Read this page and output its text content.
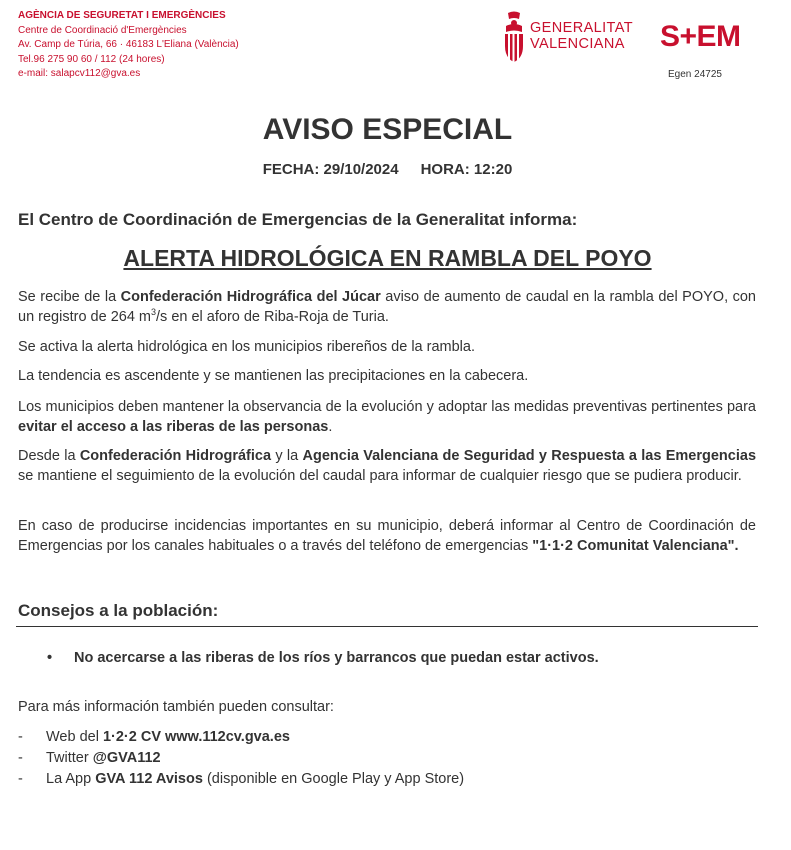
AGÈNCIA DE SEGURETAT I EMERGÈNCIES
Centre de Coordinació d'Emergències
Av. Camp de Túria, 66 · 46183 L'Eliana (València)
Tel.96 275 90 60 / 112 (24 hores)
e-mail: salapcv112@gva.es
GENERALITAT
VALENCIANA S+EM
Egen 24725
AVISO ESPECIAL
FECHA: 29/10/2024 HORA: 12:20
El Centro de Coordinación de Emergencias de la Generalitat informa:
ALERTA HIDROLÓGICA EN RAMBLA DEL POYO
Se recibe de la Confederación Hidrográfica del Júcar aviso de aumento de caudal en la rambla del POYO, con un registro de 264 $m^3/s$ en el aforo de Riba-Roja de Turia.
Se activa la alerta hidrológica en los municipios ribereños de la rambla.
La tendencia es ascendente y se mantienen las precipitaciones en la cabecera.
Los municipios deben mantener la observancia de la evolución y adoptar las medidas preventivas pertinentes para evitar el acceso a las riberas de las personas.
Desde la Confederación Hidrográfica y la Agencia Valenciana de Seguridad y Respuesta a las Emergencias se mantiene el seguimiento de la evolución del caudal para informar de cualquier riesgo que se pudiera producir.
En caso de producirse incidencias importantes en su municipio, deberá informar al Centro de Coordinación de Emergencias por los canales habituales o a través del teléfono de emergencias "1·1·2 Comunitat Valenciana".
Consejos a la población:
• No acercarse a las riberas de los ríos y barrancos que puedan estar activos.
Para más información también pueden consultar:
- Web del 1·2·2 CV www.112cv.gva.es
- Twitter @GVA112
- La App GVA 112 Avisos (disponible en Google Play y App Store)
